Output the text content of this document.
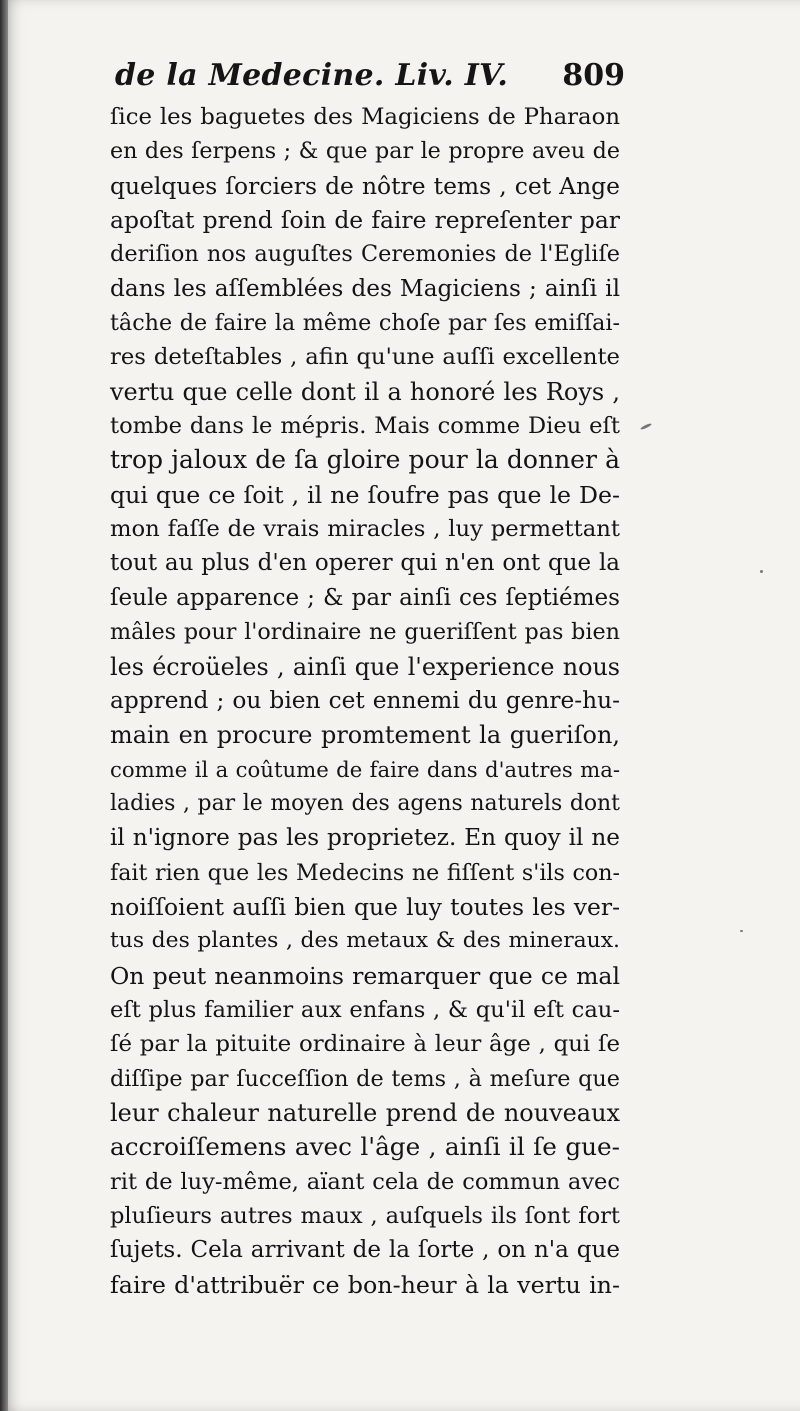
de la Medecine. Liv. IV. 809
ſice les baguetes des Magiciens de Pharaon
en des ſerpens ; & que par le propre aveu de
quelques ſorciers de nôtre tems , cet Ange
apoſtat prend ſoin de faire repreſenter par
deriſion nos auguſtes Ceremonies de l'Egliſe
dans les aſſemblées des Magiciens ; ainſi il
tâche de faire la même choſe par ſes emiſſai-
res deteſtables , afin qu'une auſſi excellente
vertu que celle dont il a honoré les Roys ,
tombe dans le mépris. Mais comme Dieu eſt
trop jaloux de ſa gloire pour la donner à
qui que ce ſoit , il ne ſoufre pas que le De-
mon faſſe de vrais miracles , luy permettant
tout au plus d'en operer qui n'en ont que la
ſeule apparence ; & par ainſi ces ſeptiémes
mâles pour l'ordinaire ne gueriſſent pas bien
les écroüeles , ainſi que l'experience nous
apprend ; ou bien cet ennemi du genre-hu-
main en procure promtement la gueriſon,
comme il a coûtume de faire dans d'autres ma-
ladies , par le moyen des agens naturels dont
il n'ignore pas les proprietez. En quoy il ne
fait rien que les Medecins ne fiſſent s'ils con-
noiſſoient auſſi bien que luy toutes les ver-
tus des plantes , des metaux & des mineraux.
On peut neanmoins remarquer que ce mal
eſt plus familier aux enfans , & qu'il eſt cau-
ſé par la pituite ordinaire à leur âge , qui ſe
diſſipe par ſucceſſion de tems , à meſure que
leur chaleur naturelle prend de nouveaux
accroiſſemens avec l'âge , ainſi il ſe gue-
rit de luy-même, aïant cela de commun avec
pluſieurs autres maux , auſquels ils ſont fort
ſujets. Cela arrivant de la ſorte , on n'a que
faire d'attribuër ce bon-heur à la vertu in-
